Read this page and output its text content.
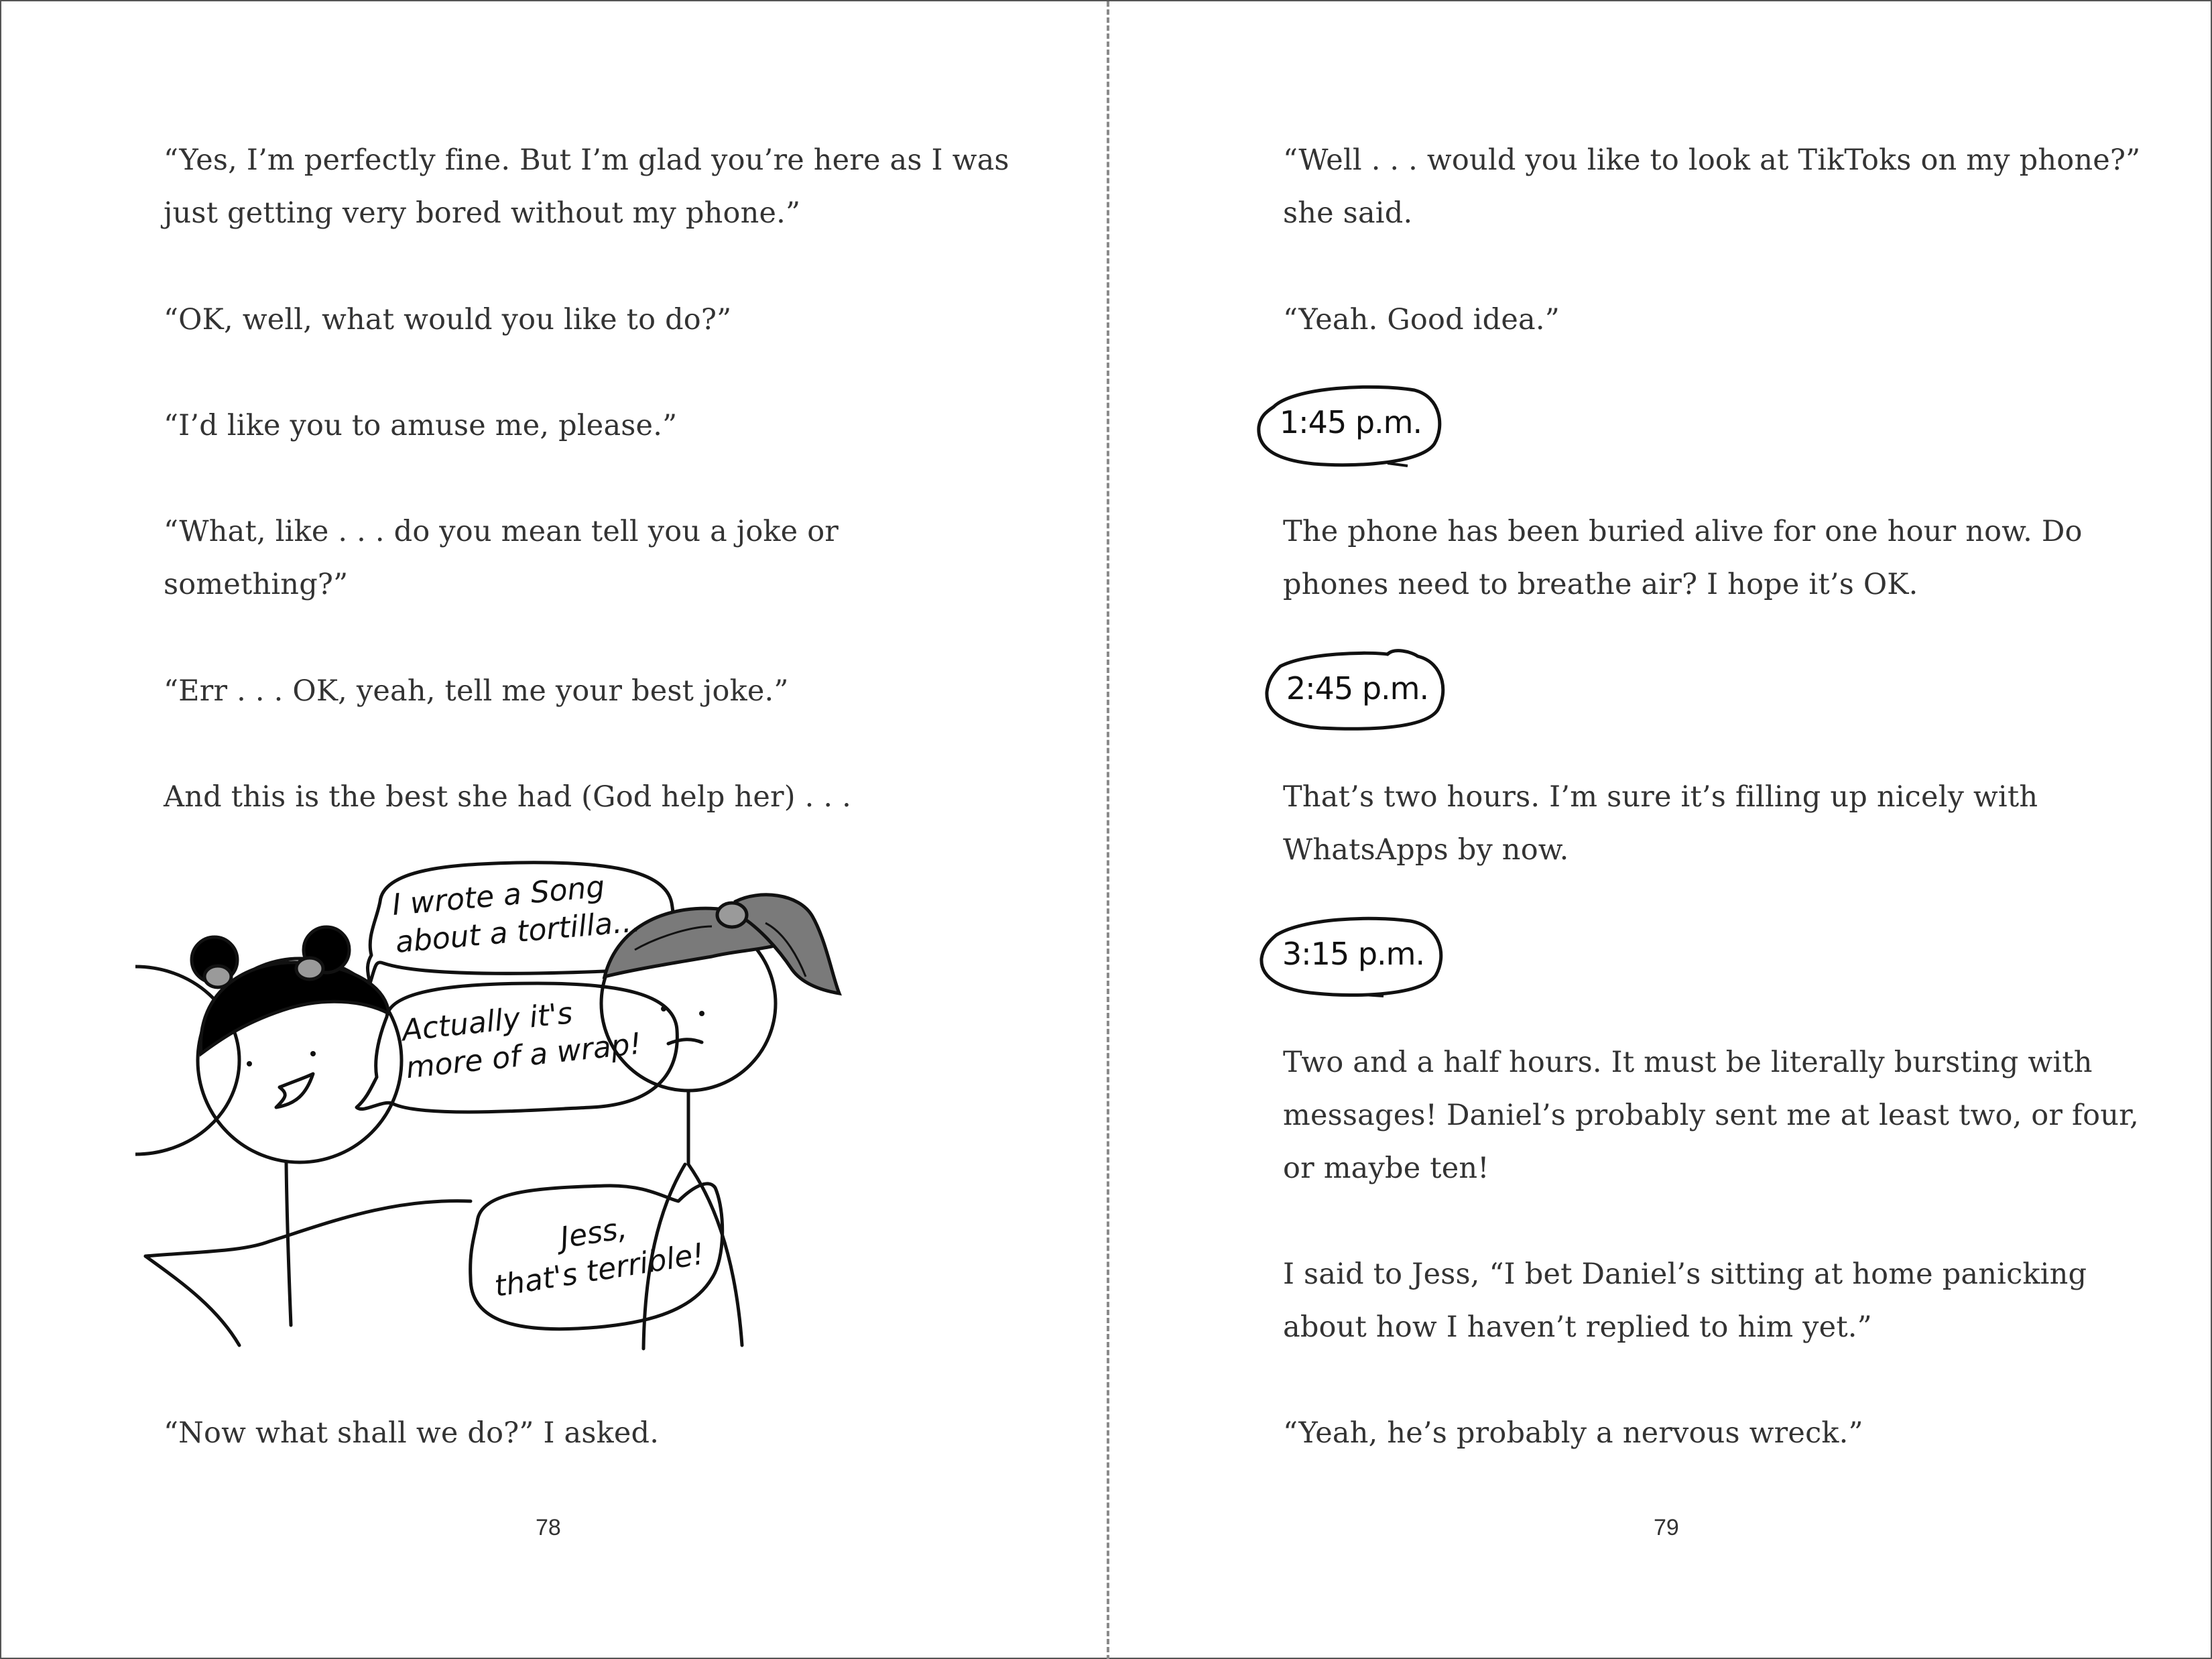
“Yes, I’m perfectly fine. But I’m glad you’re here as I was

just getting very bored without my phone.”

“OK, well, what would you like to do?”

“I’d like you to amuse me, please.”

“What, like . . . do you mean tell you a joke or

something?”

“Err . . . OK, yeah, tell me your best joke.”

And this is the best she had (God help her) . . .

I wrote a Song
about a tortilla...
Actually it's
more of a wrap!
Jess,
that's terrible!

“Now what shall we do?” I asked.

78

“Well . . . would you like to look at TikToks on my phone?”

she said.

“Yeah. Good idea.”

1:45 p.m.

The phone has been buried alive for one hour now. Do

phones need to breathe air? I hope it’s OK.

2:45 p.m.

That’s two hours. I’m sure it’s filling up nicely with

WhatsApps by now.

3:15 p.m.

Two and a half hours. It must be literally bursting with

messages! Daniel’s probably sent me at least two, or four,

or maybe ten!

I said to Jess, “I bet Daniel’s sitting at home panicking

about how I haven’t replied to him yet.”

“Yeah, he’s probably a nervous wreck.”

79
